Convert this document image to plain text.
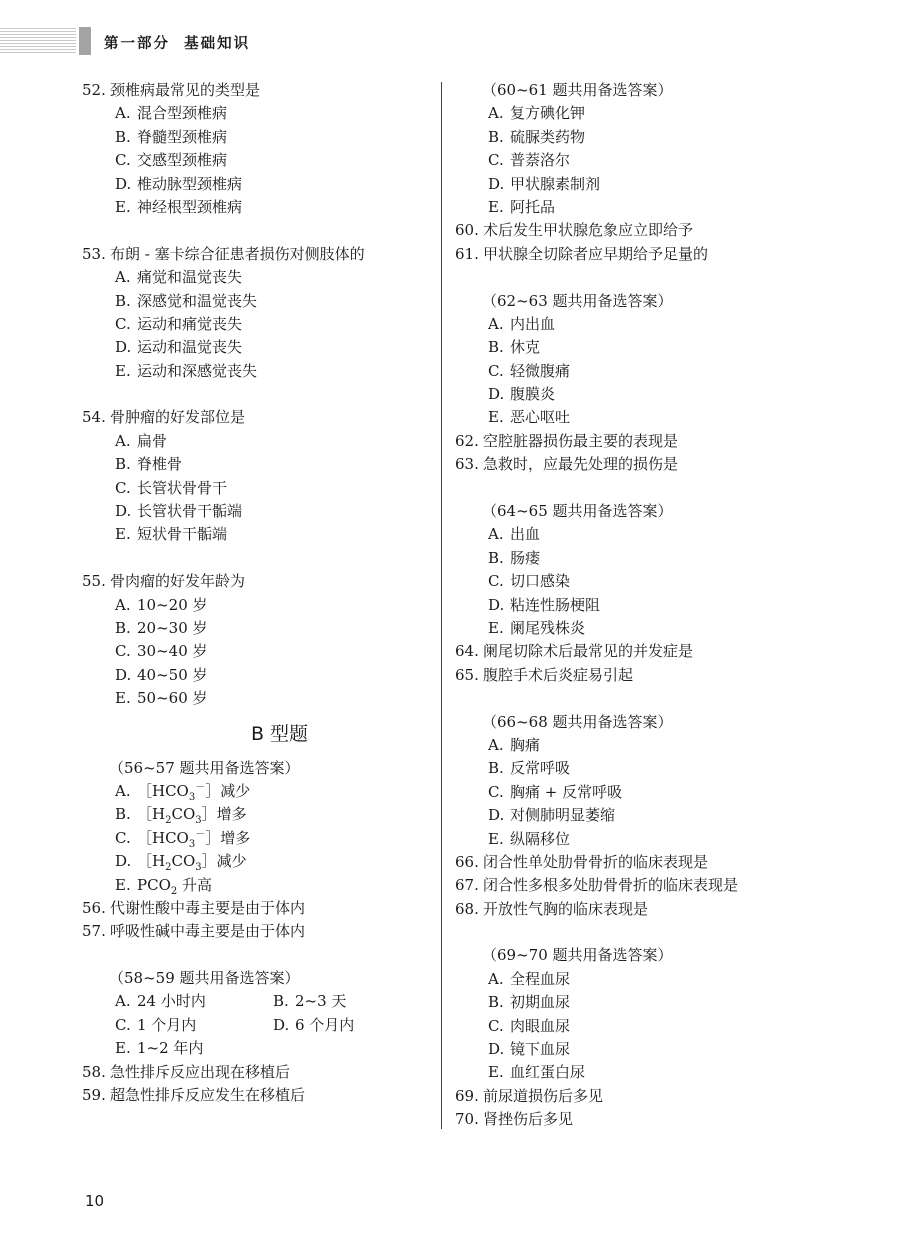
第一部分  基础知识
52. 颈椎病最常见的类型是
A. 混合型颈椎病
B. 脊髓型颈椎病
C. 交感型颈椎病
D. 椎动脉型颈椎病
E. 神经根型颈椎病
53. 布朗 - 塞卡综合征患者损伤对侧肢体的
A. 痛觉和温觉丧失
B. 深感觉和温觉丧失
C. 运动和痛觉丧失
D. 运动和温觉丧失
E. 运动和深感觉丧失
54. 骨肿瘤的好发部位是
A. 扁骨
B. 脊椎骨
C. 长管状骨骨干
D. 长管状骨干骺端
E. 短状骨干骺端
55. 骨肉瘤的好发年龄为
A. 10~20 岁
B. 20~30 岁
C. 30~40 岁
D. 40~50 岁
E. 50~60 岁
B 型题
（56~57 题共用备选答案）
A. $[HCO_3^-]$减少
B. $[H_2CO_3]$增多
C. $[HCO_3^-]$增多
D. $[H_2CO_3]$减少
E. $PCO_2$ 升高
56. 代谢性酸中毒主要是由于体内
57. 呼吸性碱中毒主要是由于体内
（58~59 题共用备选答案）
A. 24 小时内	B. 2~3 天
C. 1 个月内	D. 6 个月内
E. 1~2 年内
58. 急性排斥反应出现在移植后
59. 超急性排斥反应发生在移植后
（60~61 题共用备选答案）
A. 复方碘化钾
B. 硫脲类药物
C. 普萘洛尔
D. 甲状腺素制剂
E. 阿托品
60. 术后发生甲状腺危象应立即给予
61. 甲状腺全切除者应早期给予足量的
（62~63 题共用备选答案）
A. 内出血
B. 休克
C. 轻微腹痛
D. 腹膜炎
E. 恶心呕吐
62. 空腔脏器损伤最主要的表现是
63. 急救时，应最先处理的损伤是
（64~65 题共用备选答案）
A. 出血
B. 肠瘘
C. 切口感染
D. 粘连性肠梗阻
E. 阑尾残株炎
64. 阑尾切除术后最常见的并发症是
65. 腹腔手术后炎症易引起
（66~68 题共用备选答案）
A. 胸痛
B. 反常呼吸
C. 胸痛 + 反常呼吸
D. 对侧肺明显萎缩
E. 纵隔移位
66. 闭合性单处肋骨骨折的临床表现是
67. 闭合性多根多处肋骨骨折的临床表现是
68. 开放性气胸的临床表现是
（69~70 题共用备选答案）
A. 全程血尿
B. 初期血尿
C. 肉眼血尿
D. 镜下血尿
E. 血红蛋白尿
69. 前尿道损伤后多见
70. 肾挫伤后多见
10
